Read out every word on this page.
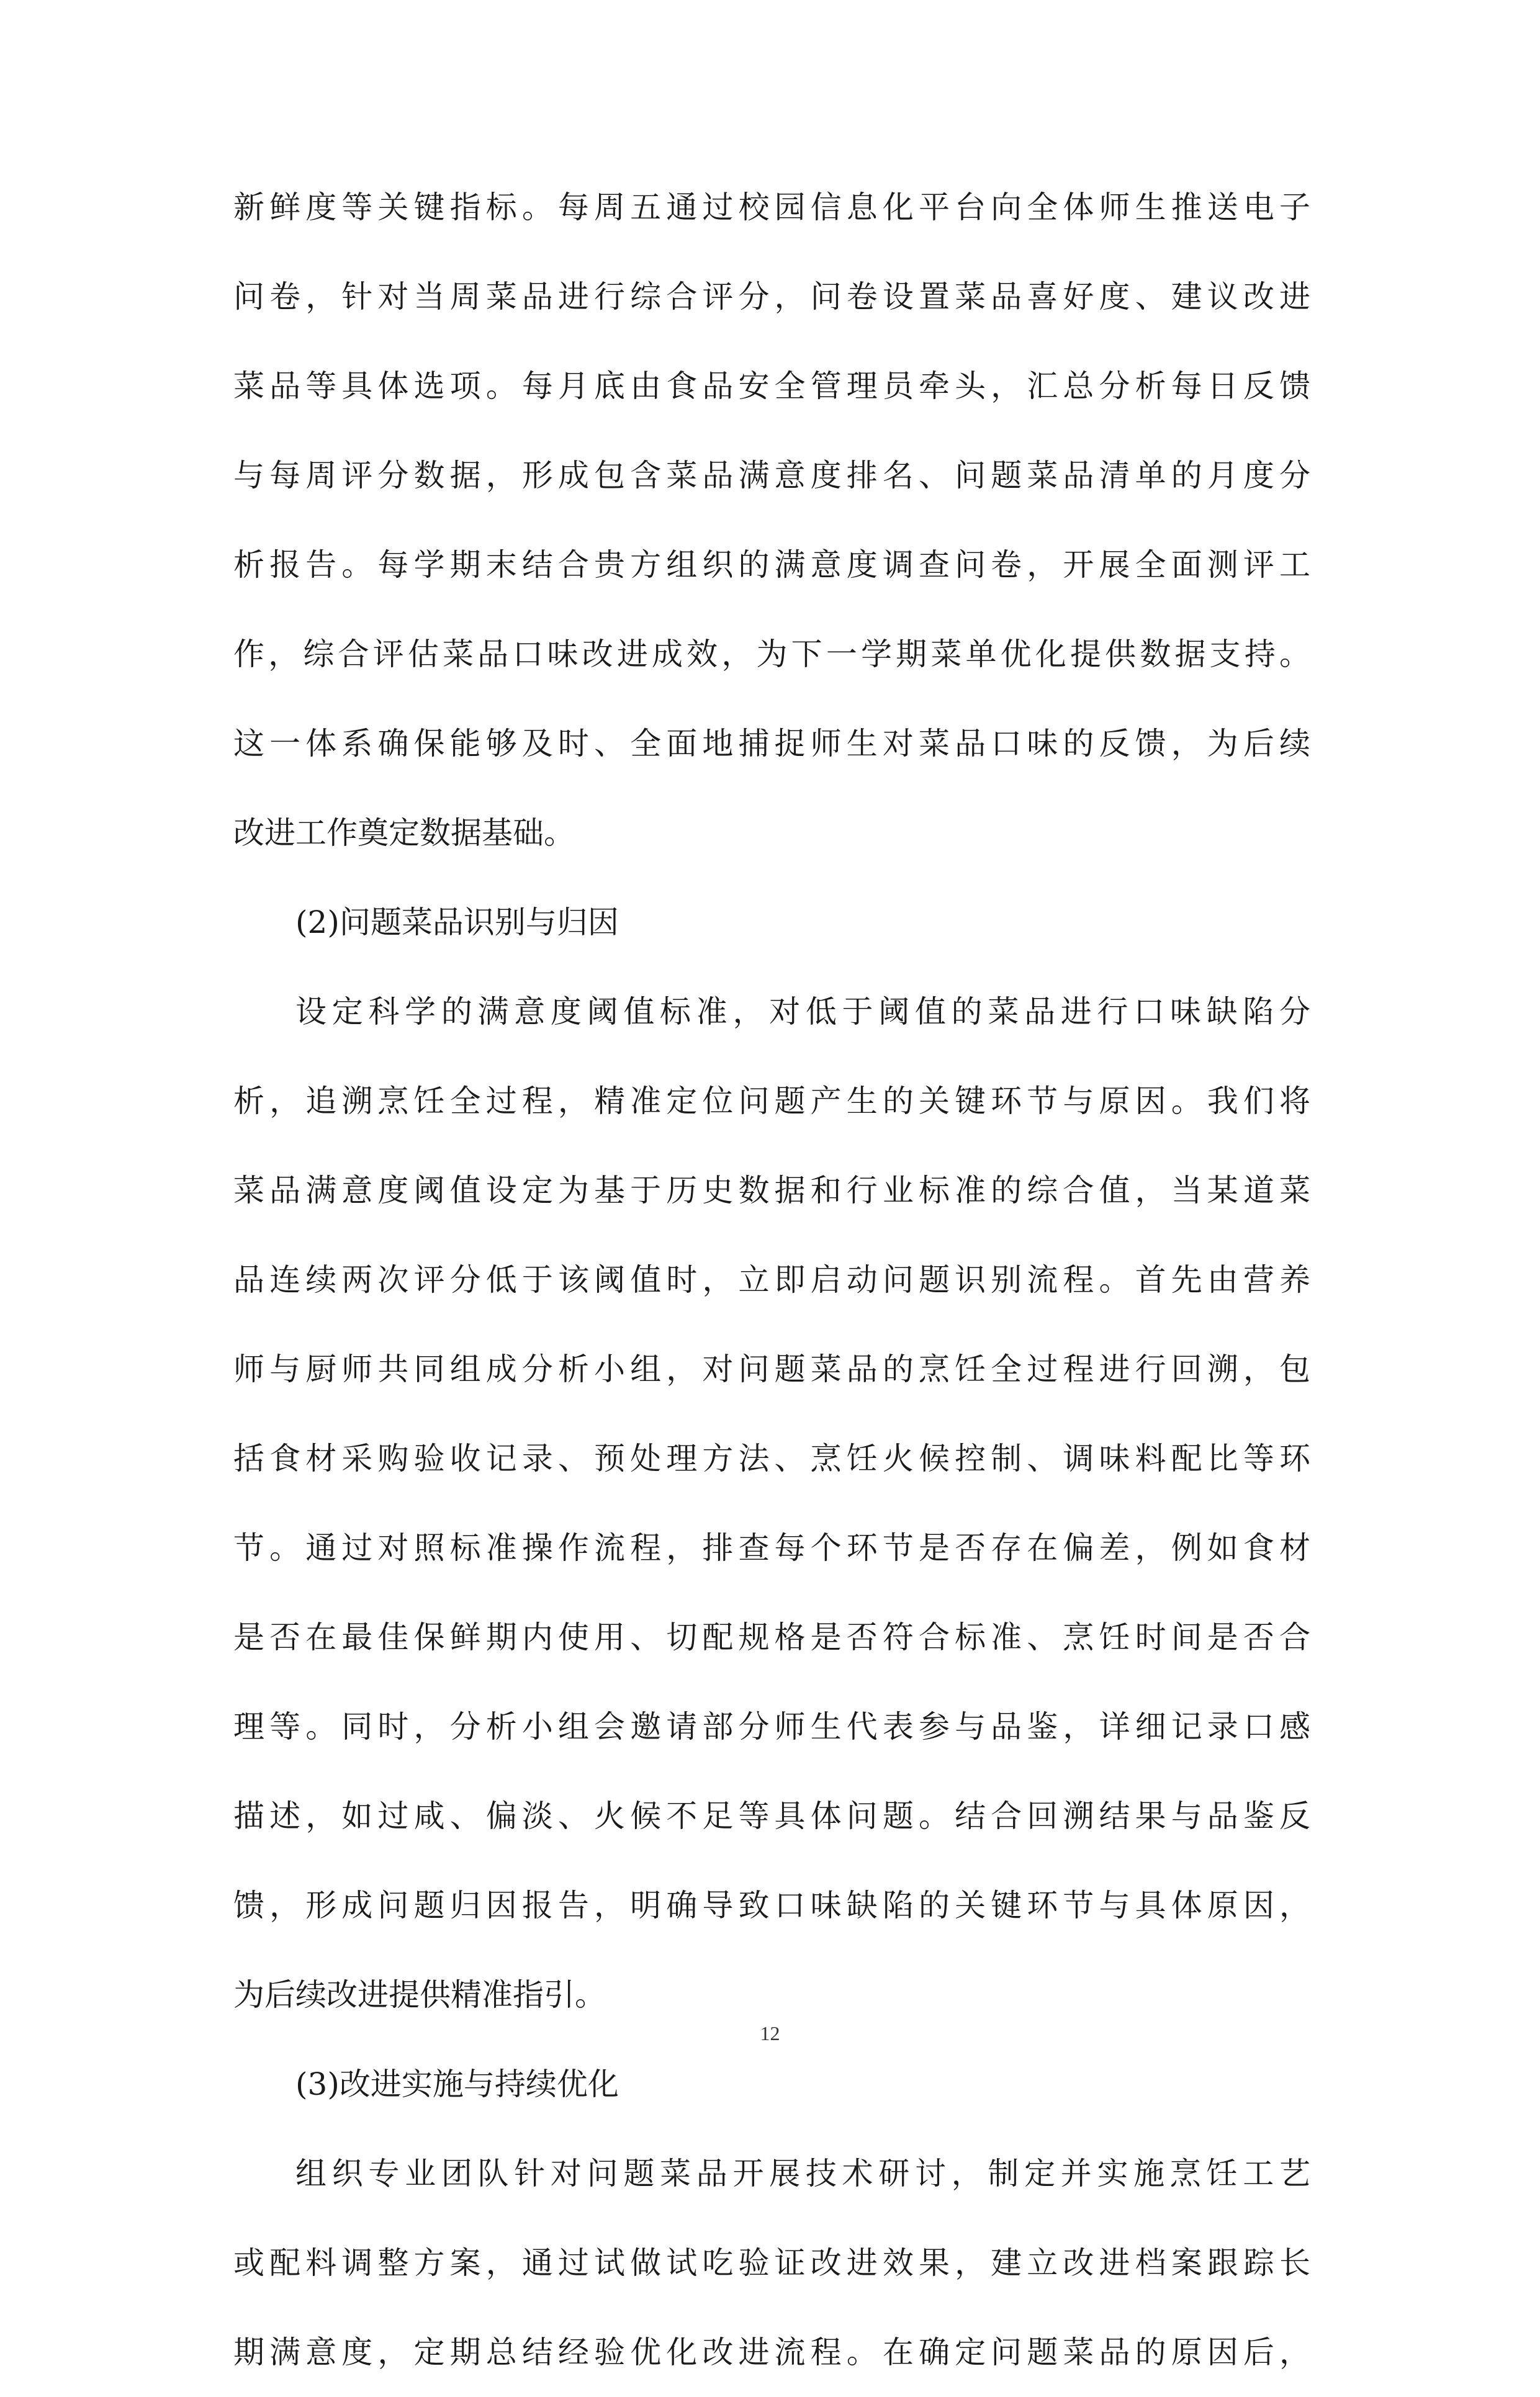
新鲜度等关键指标。每周五通过校园信息化平台向全体师生推送电子
问卷，针对当周菜品进行综合评分，问卷设置菜品喜好度、建议改进
菜品等具体选项。每月底由食品安全管理员牵头，汇总分析每日反馈
与每周评分数据，形成包含菜品满意度排名、问题菜品清单的月度分
析报告。每学期末结合贵方组织的满意度调查问卷，开展全面测评工
作，综合评估菜品口味改进成效，为下一学期菜单优化提供数据支持。
这一体系确保能够及时、全面地捕捉师生对菜品口味的反馈，为后续
改进工作奠定数据基础。
(2)问题菜品识别与归因
设定科学的满意度阈值标准，对低于阈值的菜品进行口味缺陷分
析，追溯烹饪全过程，精准定位问题产生的关键环节与原因。我们将
菜品满意度阈值设定为基于历史数据和行业标准的综合值，当某道菜
品连续两次评分低于该阈值时，立即启动问题识别流程。首先由营养
师与厨师共同组成分析小组，对问题菜品的烹饪全过程进行回溯，包
括食材采购验收记录、预处理方法、烹饪火候控制、调味料配比等环
节。通过对照标准操作流程，排查每个环节是否存在偏差，例如食材
是否在最佳保鲜期内使用、切配规格是否符合标准、烹饪时间是否合
理等。同时，分析小组会邀请部分师生代表参与品鉴，详细记录口感
描述，如过咸、偏淡、火候不足等具体问题。结合回溯结果与品鉴反
馈，形成问题归因报告，明确导致口味缺陷的关键环节与具体原因，
为后续改进提供精准指引。
(3)改进实施与持续优化
组织专业团队针对问题菜品开展技术研讨，制定并实施烹饪工艺
或配料调整方案，通过试做试吃验证改进效果，建立改进档案跟踪长
期满意度，定期总结经验优化改进流程。在确定问题菜品的原因后，
12
